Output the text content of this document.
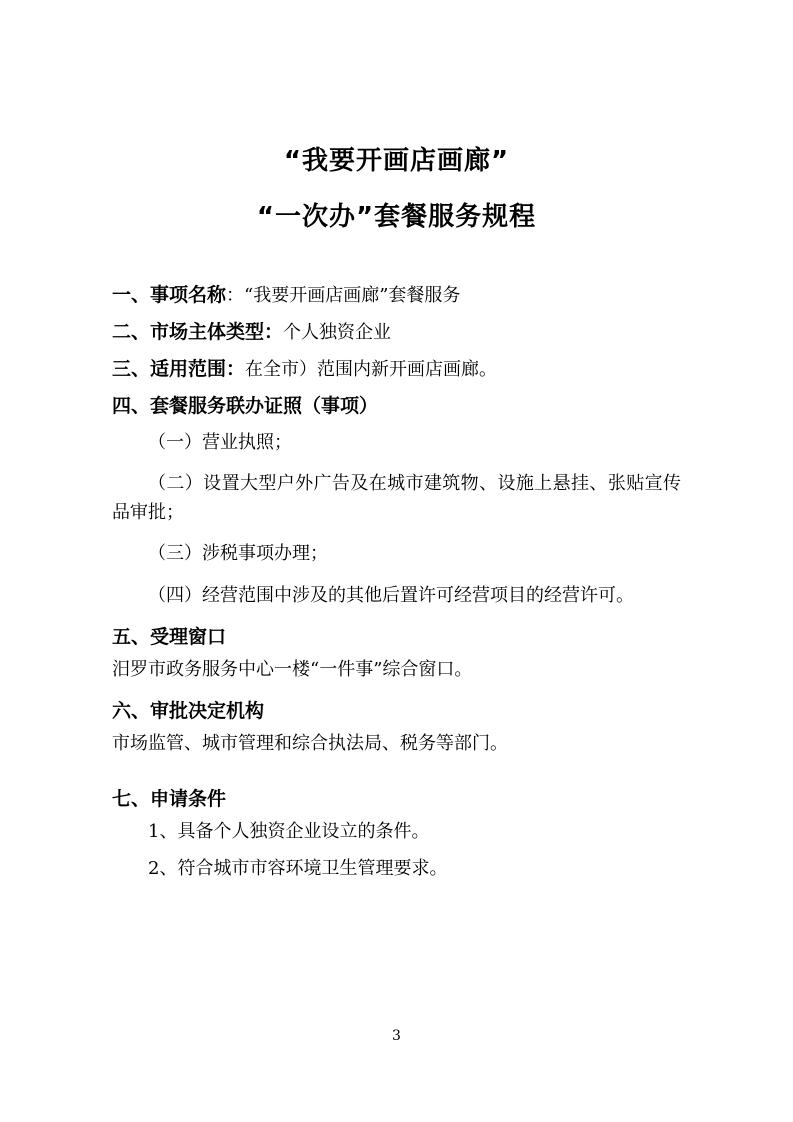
“我要开画店画廊”
“一次办”套餐服务规程
一、事项名称：“我要开画店画廊”套餐服务
二、市场主体类型：个人独资企业
三、适用范围：在全市）范围内新开画店画廊。
四、套餐服务联办证照（事项）
（一）营业执照；
（二）设置大型户外广告及在城市建筑物、设施上悬挂、张贴宣传品审批；
（三）涉税事项办理；
（四）经营范围中涉及的其他后置许可经营项目的经营许可。
五、受理窗口
汨罗市政务服务中心一楼“一件事”综合窗口。
六、审批决定机构
市场监管、城市管理和综合执法局、税务等部门。
七、申请条件
1、具备个人独资企业设立的条件。
2、符合城市市容环境卫生管理要求。
3
